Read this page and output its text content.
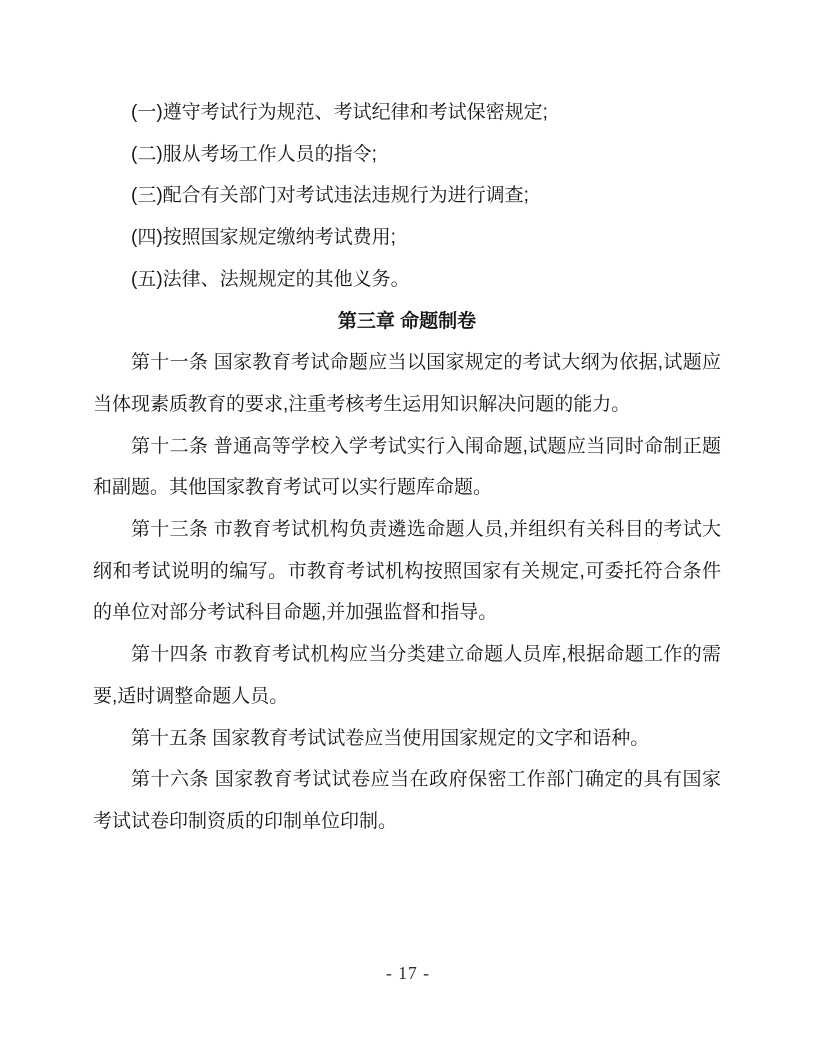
(一)遵守考试行为规范、考试纪律和考试保密规定;

(二)服从考场工作人员的指令;

(三)配合有关部门对考试违法违规行为进行调查;

(四)按照国家规定缴纳考试费用;

(五)法律、法规规定的其他义务。

第三章 命题制卷

第十一条 国家教育考试命题应当以国家规定的考试大纲为依据,试题应当体现素质教育的要求,注重考核考生运用知识解决问题的能力。

第十二条 普通高等学校入学考试实行入闱命题,试题应当同时命制正题和副题。其他国家教育考试可以实行题库命题。

第十三条 市教育考试机构负责遴选命题人员,并组织有关科目的考试大纲和考试说明的编写。市教育考试机构按照国家有关规定,可委托符合条件的单位对部分考试科目命题,并加强监督和指导。

第十四条 市教育考试机构应当分类建立命题人员库,根据命题工作的需要,适时调整命题人员。

第十五条 国家教育考试试卷应当使用国家规定的文字和语种。

第十六条 国家教育考试试卷应当在政府保密工作部门确定的具有国家考试试卷印制资质的印制单位印制。

- 17 -
